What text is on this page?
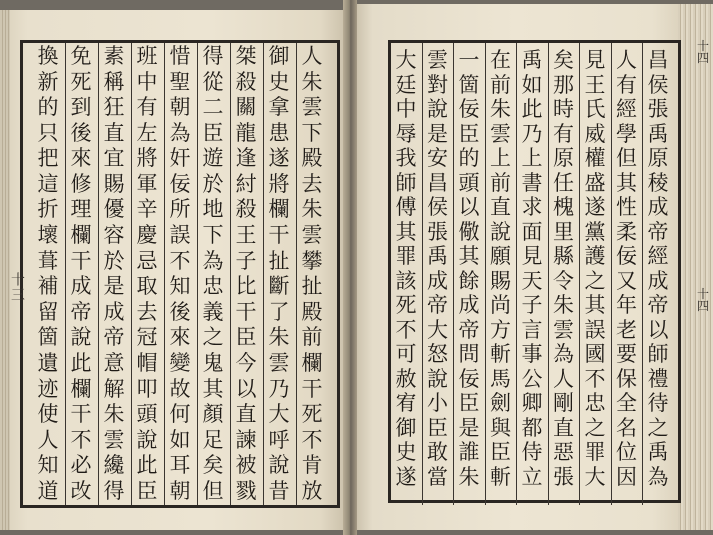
人
朱
雲
下
殿
去
朱
雲
攀
扯
殿
前
欄
干
死
不
肯
放
御
史
拿
患
遂
將
欄
干
扯
斷
了
朱
雲
乃
大
呼
說
昔
桀
殺
關
龍
逢
紂
殺
王
子
比
干
臣
今
以
直
諫
被
戮
得
從
二
臣
遊
於
地
下
為
忠
義
之
鬼
其
顏
足
矣
但
惜
聖
朝
為
奸
佞
所
誤
不
知
後
來
變
故
何
如
耳
朝
班
中
有
左
將
軍
辛
慶
忌
取
去
冠
帽
叩
頭
說
此
臣
素
稱
狂
直
宜
賜
優
容
於
是
成
帝
意
解
朱
雲
纔
得
免
死
到
後
來
修
理
欄
干
成
帝
說
此
欄
干
不
必
改
換
新
的
只
把
這
折
壞
葺
補
留
箇
遺
迹
使
人
知
道
昌
侯
張
禹
原
稜
成
帝
經
成
帝
以
師
禮
待
之
禹
為
人
有
經
學
但
其
性
柔
佞
又
年
老
要
保
全
名
位
因
見
王
氏
威
權
盛
遂
黨
護
之
其
誤
國
不
忠
之
罪
大
矣
那
時
有
原
任
槐
里
縣
令
朱
雲
為
人
剛
直
惡
張
禹
如
此
乃
上
書
求
面
見
天
子
言
事
公
卿
都
侍
立
在
前
朱
雲
上
前
直
說
願
賜
尚
方
斬
馬
劍
與
臣
斬
一
箇
佞
臣
的
頭
以
儆
其
餘
成
帝
問
佞
臣
是
誰
朱
雲
對
說
是
安
昌
侯
張
禹
成
帝
大
怒
說
小
臣
敢
當
大
廷
中
辱
我
師
傅
其
罪
該
死
不
可
赦
宥
御
史
遂
十三
十四
十四
